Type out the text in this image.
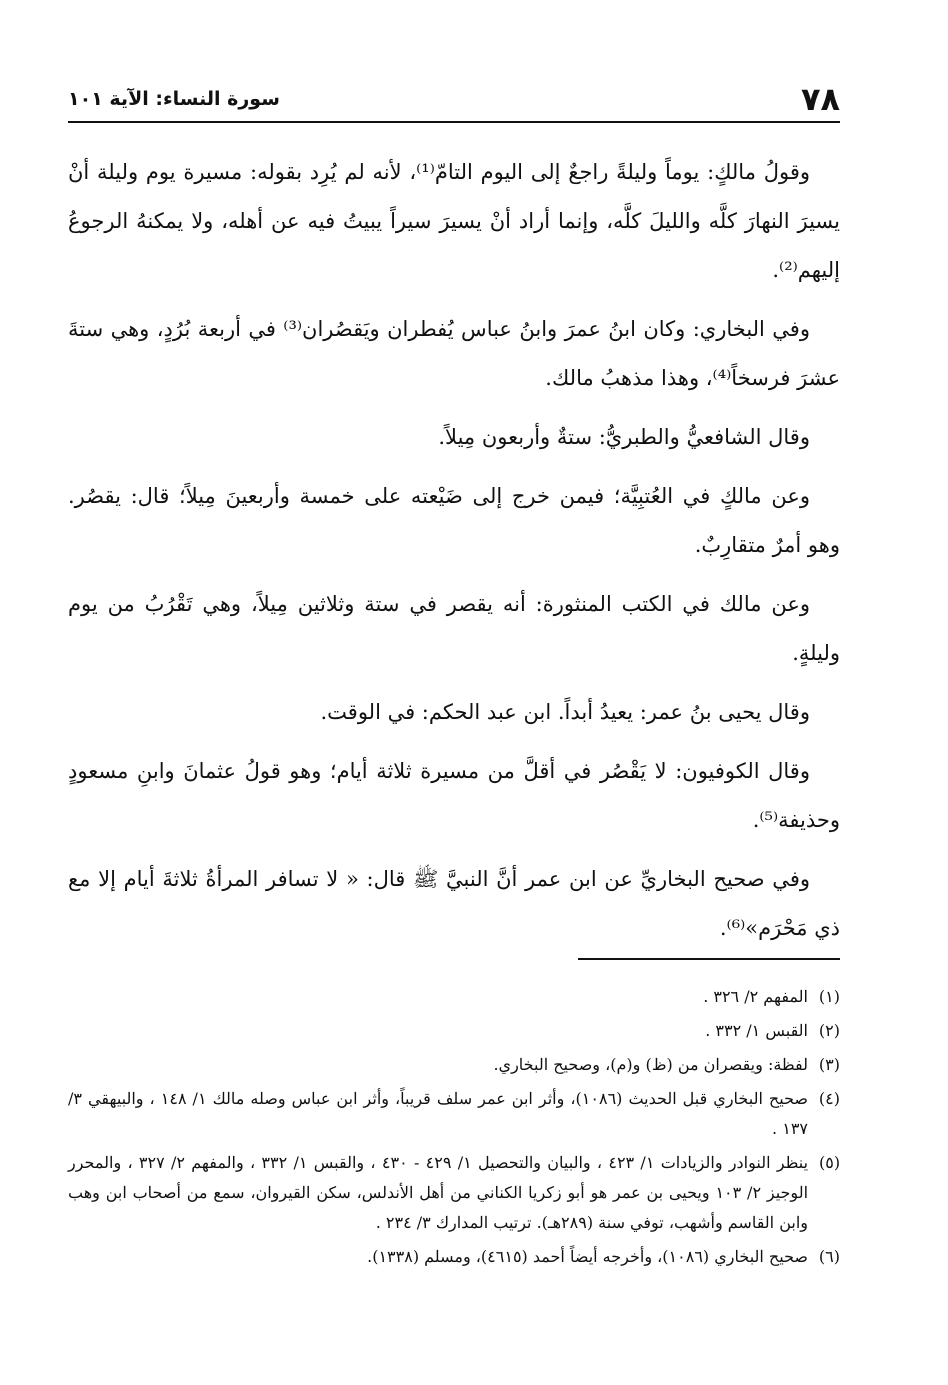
٧٨
سورة النساء: الآية ١٠١

وقولُ مالكٍ: يوماً وليلةً راجعٌ إلى اليوم التامّ⁽¹⁾، لأنه لم يُرِد بقوله: مسيرة يوم وليلة أنْ يسيرَ النهارَ كلَّه والليلَ كلَّه، وإنما أراد أنْ يسيرَ سيراً يبيتُ فيه عن أهله، ولا يمكنهُ الرجوعُ إليهم⁽²⁾.

وفي البخاري: وكان ابنُ عمرَ وابنُ عباس يُفطران ويَقصُران⁽³⁾ في أربعة بُرُدٍ، وهي ستةَ عشرَ فرسخاً⁽⁴⁾، وهذا مذهبُ مالك.

وقال الشافعيُّ والطبريُّ: ستةٌ وأربعون مِيلاً.

وعن مالكٍ في العُتبِيَّة؛ فيمن خرج إلى ضَيْعته على خمسة وأربعينَ مِيلاً؛ قال: يقصُر. وهو أمرٌ متقارِبٌ.

وعن مالك في الكتب المنثورة: أنه يقصر في ستة وثلاثين مِيلاً، وهي تَقْرُبُ من يوم وليلةٍ.

وقال يحيى بنُ عمر: يعيدُ أبداً. ابن عبد الحكم: في الوقت.

وقال الكوفيون: لا يَقْصُر في أقلَّ من مسيرة ثلاثة أيام؛ وهو قولُ عثمانَ وابنِ مسعودٍ وحذيفة⁽⁵⁾.

وفي صحيح البخاريِّ عن ابن عمر أنَّ النبيَّ ﷺ قال: « لا تسافر المرأةُ ثلاثةَ أيام إلا مع ذي مَحْرَم»⁽⁶⁾.

(١)المفهم ٢/ ٣٢٦ .

(٢)القبس ١/ ٣٣٢ .

(٣)لفظة: ويقصران من (ظ) و(م)، وصحيح البخاري.

(٤)صحيح البخاري قبل الحديث (١٠٨٦)، وأثر ابن عمر سلف قريباً، وأثر ابن عباس وصله مالك ١/ ١٤٨ ، والبيهقي ٣/ ١٣٧ .

(٥)ينظر النوادر والزيادات ١/ ٤٢٣ ، والبيان والتحصيل ١/ ٤٢٩ - ٤٣٠ ، والقبس ١/ ٣٣٢ ، والمفهم ٢/ ٣٢٧ ، والمحرر الوجيز ٢/ ١٠٣ ويحيى بن عمر هو أبو زكريا الكناني من أهل الأندلس، سكن القيروان، سمع من أصحاب ابن وهب وابن القاسم وأشهب، توفي سنة (٢٨٩هـ). ترتيب المدارك ٣/ ٢٣٤ .

(٦)صحيح البخاري (١٠٨٦)، وأخرجه أيضاً أحمد (٤٦١٥)، ومسلم (١٣٣٨).
